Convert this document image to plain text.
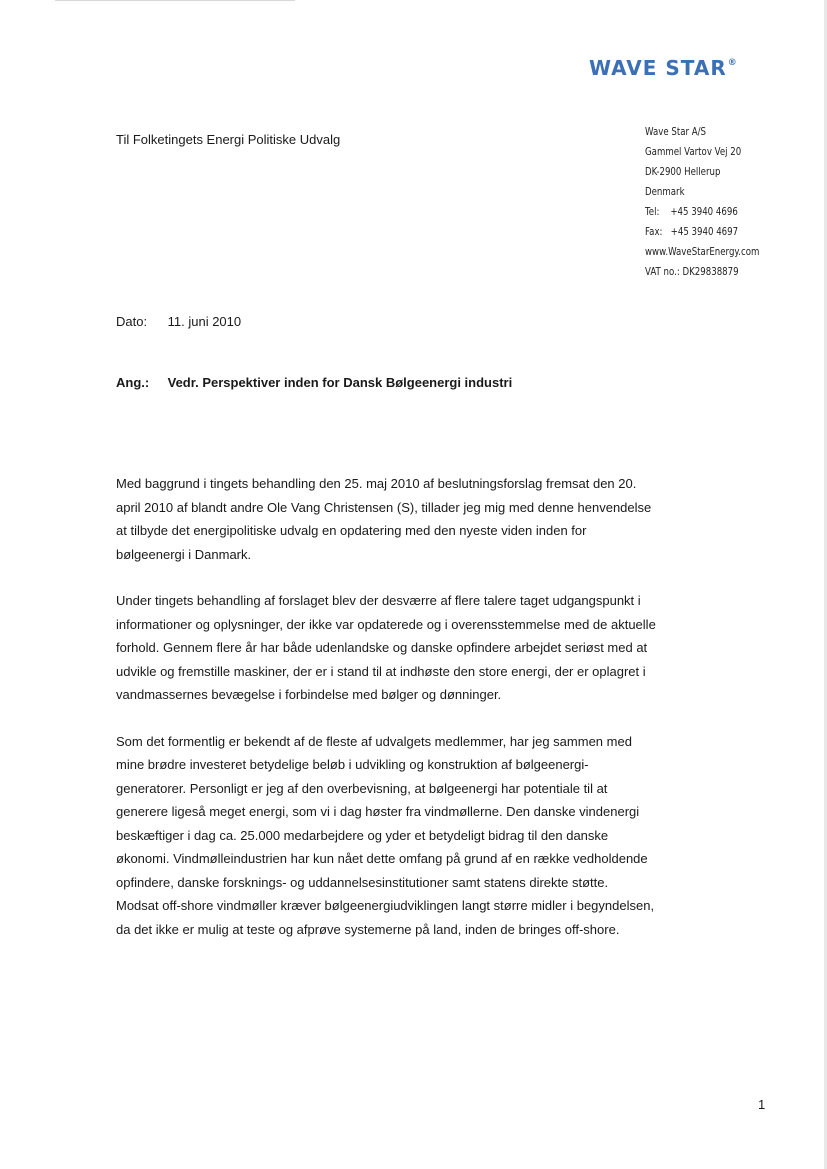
WAVE STAR®
Til Folketingets Energi Politiske Udvalg	Wave Star A/S
Gammel Vartov Vej 20
DK-2900 Hellerup
Denmark
Tel:    +45 3940 4696
Fax:   +45 3940 4697
www.WaveStarEnergy.com
VAT no.: DK29838879
Dato: 11. juni 2010
Ang.: Vedr. Perspektiver inden for Dansk Bølgeenergi industri

Med baggrund i tingets behandling den 25. maj 2010 af beslutningsforslag fremsat den 20. april 2010 af blandt andre Ole Vang Christensen (S), tillader jeg mig med denne henvendelse at tilbyde det energipolitiske udvalg en opdatering med den nyeste viden inden for bølgeenergi i Danmark.

Under tingets behandling af forslaget blev der desværre af flere talere taget udgangspunkt i informationer og oplysninger, der ikke var opdaterede og i overensstemmelse med de aktuelle forhold. Gennem flere år har både udenlandske og danske opfindere arbejdet seriøst med at udvikle og fremstille maskiner, der er i stand til at indhøste den store energi, der er oplagret i vandmassernes bevægelse i forbindelse med bølger og dønninger.

Som det formentlig er bekendt af de fleste af udvalgets medlemmer, har jeg sammen med mine brødre investeret betydelige beløb i udvikling og konstruktion af bølgeenergi-generatorer. Personligt er jeg af den overbevisning, at bølgeenergi har potentiale til at generere ligeså meget energi, som vi i dag høster fra vindmøllerne. Den danske vindenergi beskæftiger i dag ca. 25.000 medarbejdere og yder et betydeligt bidrag til den danske økonomi. Vindmølleindustrien har kun nået dette omfang på grund af en række vedholdende opfindere, danske forsknings- og uddannelsesinstitutioner samt statens direkte støtte.

Modsat off-shore vindmøller kræver bølgeenergiudviklingen langt større midler i begyndelsen, da det ikke er mulig at teste og afprøve systemerne på land, inden de bringes off-shore.

1
